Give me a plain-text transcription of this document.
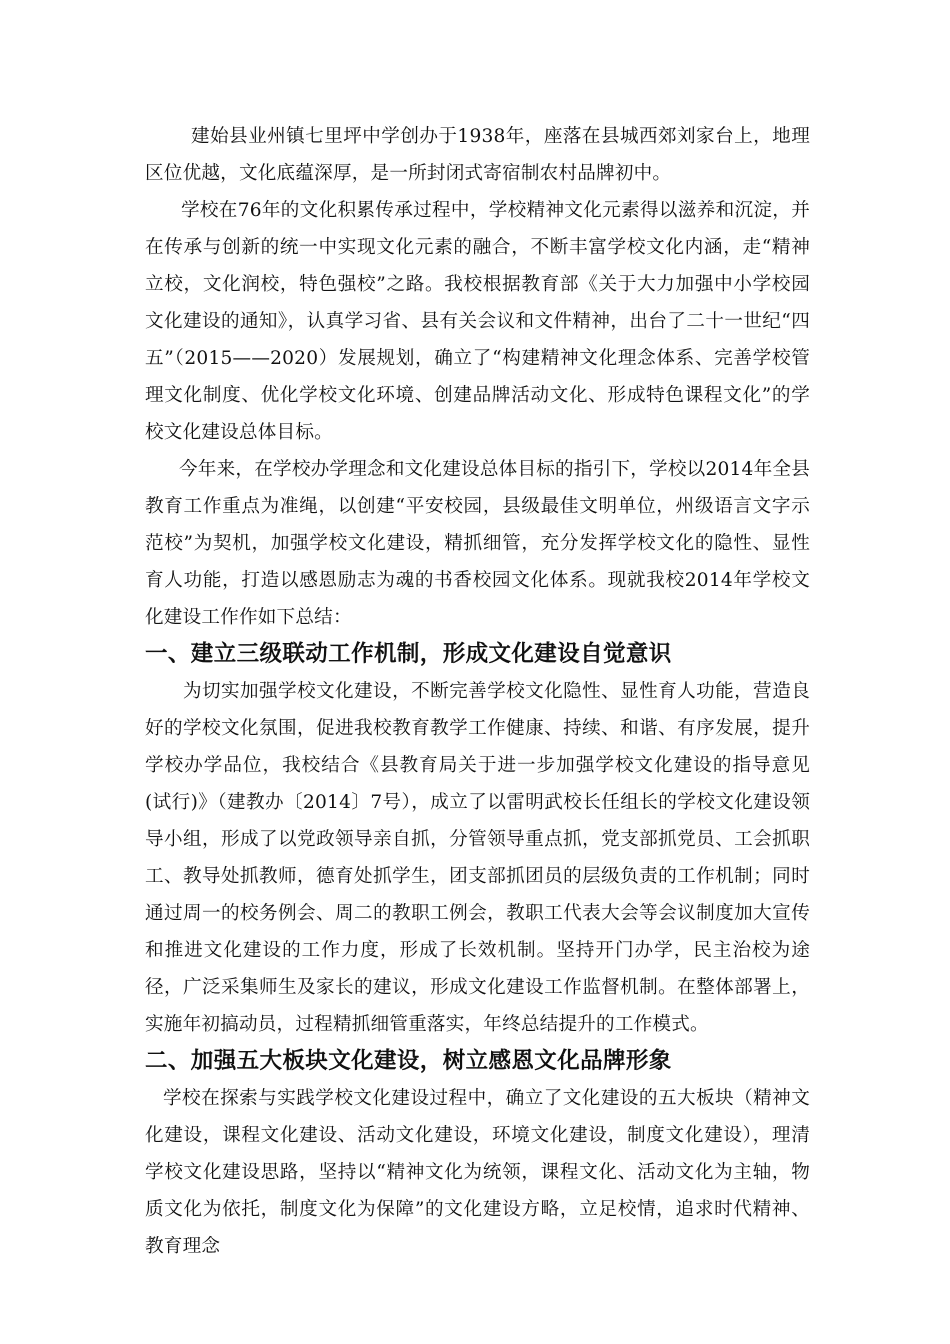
建始县业州镇七里坪中学创办于1938年，座落在县城西郊刘家台上，地理区位优越，文化底蕴深厚，是一所封闭式寄宿制农村品牌初中。

学校在76年的文化积累传承过程中，学校精神文化元素得以滋养和沉淀，并在传承与创新的统一中实现文化元素的融合，不断丰富学校文化内涵，走“精神立校，文化润校，特色强校”之路。我校根据教育部《关于大力加强中小学校园文化建设的通知》，认真学习省、县有关会议和文件精神，出台了二十一世纪“四五”（2015——2020）发展规划，确立了“构建精神文化理念体系、完善学校管理文化制度、优化学校文化环境、创建品牌活动文化、形成特色课程文化”的学校文化建设总体目标。

今年来，在学校办学理念和文化建设总体目标的指引下，学校以2014年全县教育工作重点为准绳，以创建“平安校园，县级最佳文明单位，州级语言文字示范校”为契机，加强学校文化建设，精抓细管，充分发挥学校文化的隐性、显性育人功能，打造以感恩励志为魂的书香校园文化体系。现就我校2014年学校文化建设工作作如下总结：

一、建立三级联动工作机制，形成文化建设自觉意识

为切实加强学校文化建设，不断完善学校文化隐性、显性育人功能，营造良好的学校文化氛围，促进我校教育教学工作健康、持续、和谐、有序发展，提升学校办学品位，我校结合《县教育局关于进一步加强学校文化建设的指导意见(试行)》（建教办〔2014〕7号），成立了以雷明武校长任组长的学校文化建设领导小组，形成了以党政领导亲自抓，分管领导重点抓，党支部抓党员、工会抓职工、教导处抓教师，德育处抓学生，团支部抓团员的层级负责的工作机制；同时通过周一的校务例会、周二的教职工例会，教职工代表大会等会议制度加大宣传和推进文化建设的工作力度，形成了长效机制。坚持开门办学，民主治校为途径，广泛采集师生及家长的建议，形成文化建设工作监督机制。在整体部署上，实施年初搞动员，过程精抓细管重落实，年终总结提升的工作模式。

二、加强五大板块文化建设，树立感恩文化品牌形象

学校在探索与实践学校文化建设过程中，确立了文化建设的五大板块（精神文化建设，课程文化建设、活动文化建设，环境文化建设，制度文化建设），理清学校文化建设思路，坚持以“精神文化为统领，课程文化、活动文化为主轴，物质文化为依托，制度文化为保障”的文化建设方略，立足校情，追求时代精神、教育理念
